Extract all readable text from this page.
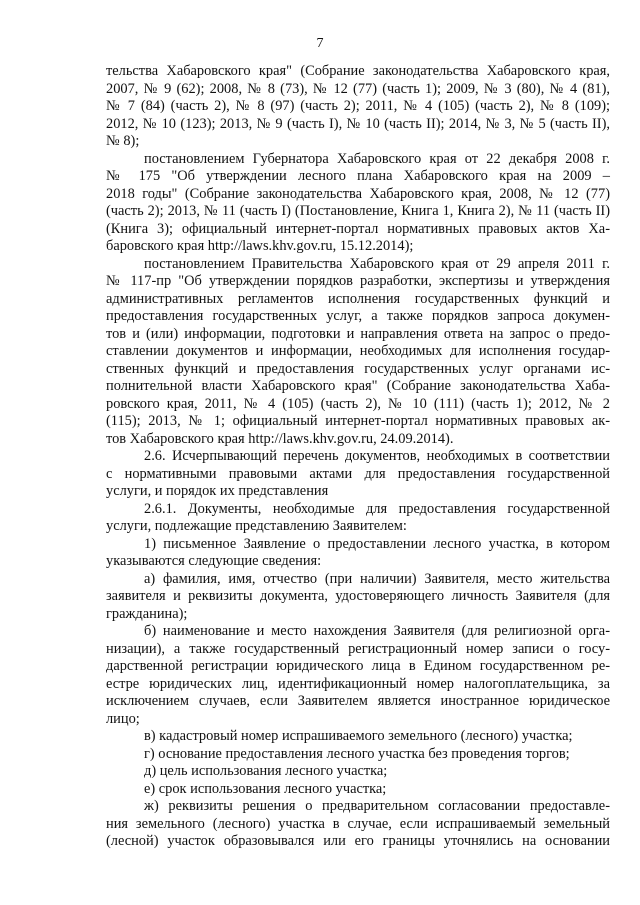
7
тельства Хабаровского края" (Собрание законодательства Хабаровского края,
2007, № 9 (62); 2008, № 8 (73), № 12 (77) (часть 1); 2009, № 3 (80), № 4 (81),
№ 7 (84) (часть 2), № 8 (97) (часть 2); 2011, № 4 (105) (часть 2), № 8 (109);
2012, № 10 (123); 2013, № 9 (часть I), № 10 (часть II); 2014, № 3, № 5 (часть II),
№ 8);
постановлением Губернатора Хабаровского края от 22 декабря 2008 г.
№ 175 "Об утверждении лесного плана Хабаровского края на 2009 –
2018 годы" (Собрание законодательства Хабаровского края, 2008, № 12 (77)
(часть 2); 2013, № 11 (часть I) (Постановление, Книга 1, Книга 2), № 11 (часть II)
(Книга 3); официальный интернет-портал нормативных правовых актов Ха-
баровского края http://laws.khv.gov.ru, 15.12.2014);
постановлением Правительства Хабаровского края от 29 апреля 2011 г.
№ 117-пр "Об утверждении порядков разработки, экспертизы и утверждения
административных регламентов исполнения государственных функций и
предоставления государственных услуг, а также порядков запроса докумен-
тов и (или) информации, подготовки и направления ответа на запрос о предо-
ставлении документов и информации, необходимых для исполнения государ-
ственных функций и предоставления государственных услуг органами ис-
полнительной власти Хабаровского края" (Собрание законодательства Хаба-
ровского края, 2011, № 4 (105) (часть 2), № 10 (111) (часть 1); 2012, № 2
(115); 2013, № 1; официальный интернет-портал нормативных правовых ак-
тов Хабаровского края http://laws.khv.gov.ru, 24.09.2014).
2.6. Исчерпывающий перечень документов, необходимых в соответствии
с нормативными правовыми актами для предоставления государственной
услуги, и порядок их представления
2.6.1. Документы, необходимые для предоставления государственной
услуги, подлежащие представлению Заявителем:
1) письменное Заявление о предоставлении лесного участка, в котором
указываются следующие сведения:
а) фамилия, имя, отчество (при наличии) Заявителя, место жительства
заявителя и реквизиты документа, удостоверяющего личность Заявителя (для
гражданина);
б) наименование и место нахождения Заявителя (для религиозной орга-
низации), а также государственный регистрационный номер записи о госу-
дарственной регистрации юридического лица в Едином государственном ре-
естре юридических лиц, идентификационный номер налогоплательщика, за
исключением случаев, если Заявителем является иностранное юридическое
лицо;
в) кадастровый номер испрашиваемого земельного (лесного) участка;
г) основание предоставления лесного участка без проведения торгов;
д) цель использования лесного участка;
е) срок использования лесного участка;
ж) реквизиты решения о предварительном согласовании предоставле-
ния земельного (лесного) участка в случае, если испрашиваемый земельный
(лесной) участок образовывался или его границы уточнялись на основании
